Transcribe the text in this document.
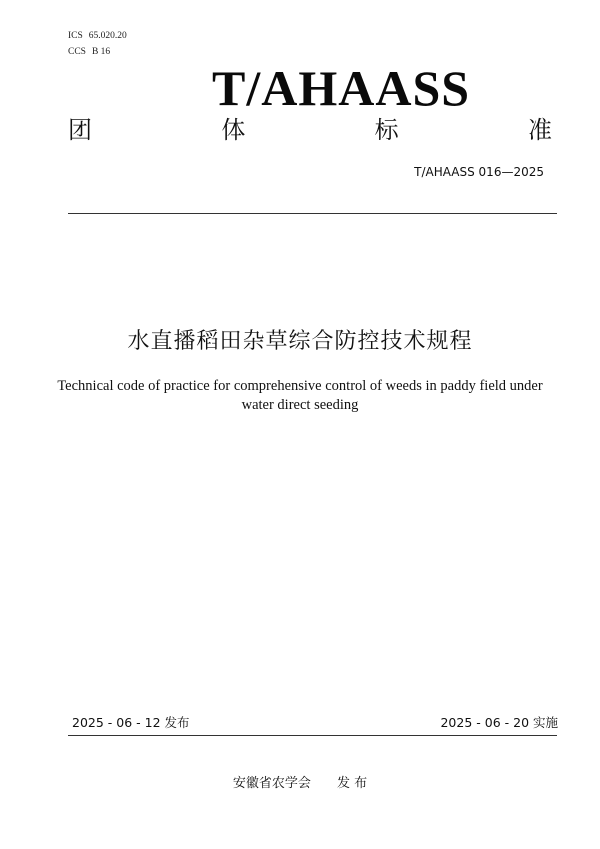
ICS 65.020.20
CCS B 16
T/AHAASS
团	体	标	准
T/AHAASS 016—2025
水直播稻田杂草综合防控技术规程
Technical code of practice for comprehensive control of weeds in paddy field under water direct seeding
2025 - 06 - 12 发布	2025 - 06 - 20 实施
安徽省农学会 发 布
